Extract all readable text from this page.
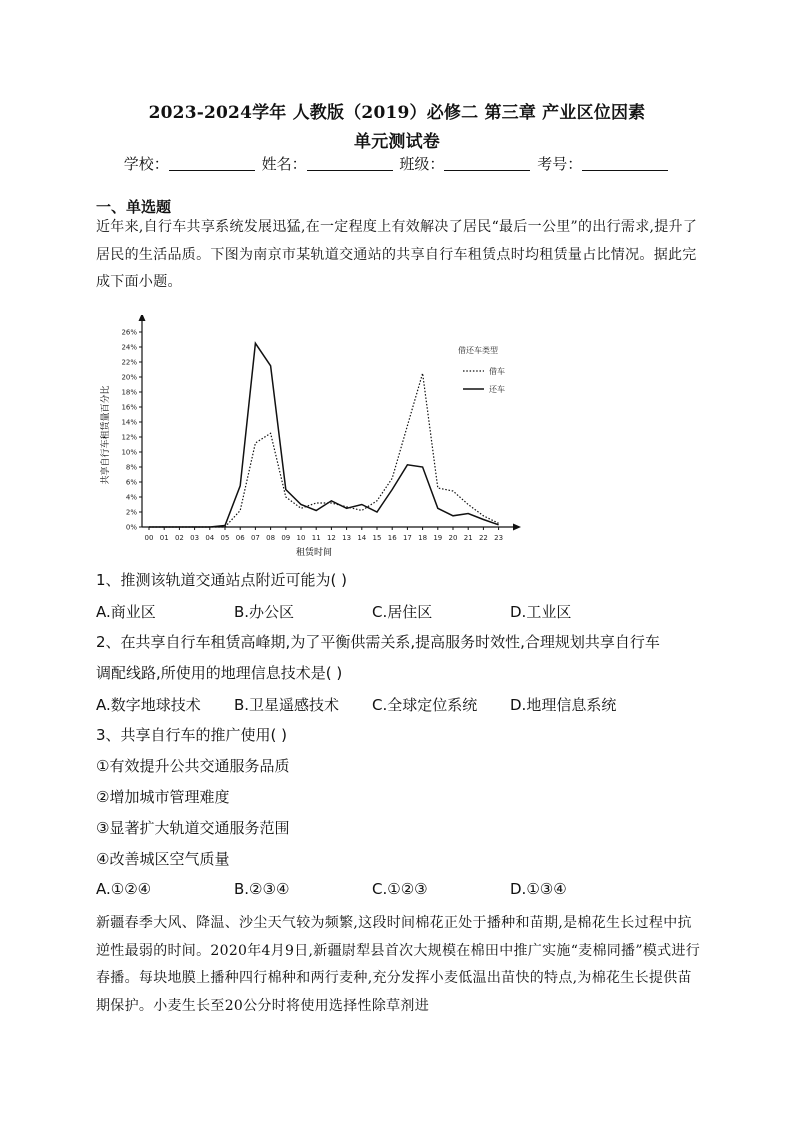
2023-2024学年 人教版（2019）必修二 第三章 产业区位因素
单元测试卷
学校：	姓名：	班级：	考号：
一、单选题
近年来,自行车共享系统发展迅猛,在一定程度上有效解决了居民“最后一公里”的出行需求,提升了居民的生活品质。下图为南京市某轨道交通站的共享自行车租赁点时均租赁量占比情况。据此完成下面小题。
0%
2%
4%
6%
8%
10%
12%
14%
16%
18%
20%
22%
24%
26%
00 01 02 03 04 05 06 07 08 09 10 11 12 13 14 15 16 17 18 19 20 21 22 23
借还车类型
借车
还车
共享自行车租赁量百分比
租赁时间
1、推测该轨道交通站点附近可能为( )
A.商业区	B.办公区	C.居住区	D.工业区
2、在共享自行车租赁高峰期,为了平衡供需关系,提高服务时效性,合理规划共享自行车
调配线路,所使用的地理信息技术是( )
A.数字地球技术 B.卫星遥感技术 C.全球定位系统 D.地理信息系统
3、共享自行车的推广使用( )
①有效提升公共交通服务品质
②增加城市管理难度
③显著扩大轨道交通服务范围
④改善城区空气质量
A.①②④	B.②③④	C.①②③	D.①③④
新疆春季大风、降温、沙尘天气较为频繁,这段时间棉花正处于播种和苗期,是棉花生长过程中抗逆性最弱的时间。2020年4月9日,新疆尉犁县首次大规模在棉田中推广实施“麦棉同播”模式进行春播。每块地膜上播种四行棉种和两行麦种,充分发挥小麦低温出苗快的特点,为棉花生长提供苗期保护。小麦生长至20公分时将使用选择性除草剂进
